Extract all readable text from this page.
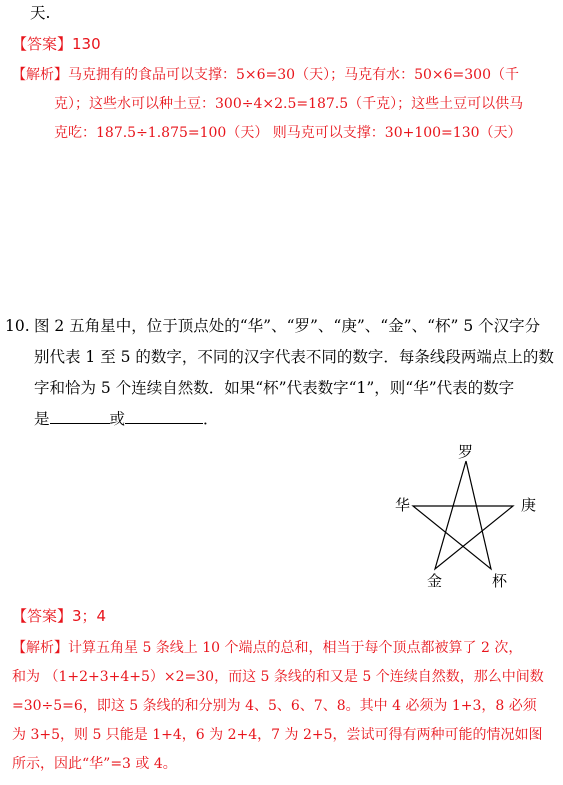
天.
【答案】130
【解析】马克拥有的食品可以支撑：5×6=30（天）；马克有水：50×6=300（千
克）；这些水可以种土豆：300÷4×2.5=187.5（千克）；这些土豆可以供马
克吃：187.5÷1.875=100（天） 则马克可以支撑：30+100=130（天）
10. 图 2 五角星中，位于顶点处的“华”、“罗”、“庚”、“金”、“杯” 5 个汉字分
别代表 1 至 5 的数字，不同的汉字代表不同的数字．每条线段两端点上的数
字和恰为 5 个连续自然数．如果“杯”代表数字“1”，则“华”代表的数字
是	或	．
罗
华	庚
金	杯
【答案】3；4
【解析】计算五角星 5 条线上 10 个端点的总和，相当于每个顶点都被算了 2 次，
和为 （1+2+3+4+5）×2=30，而这 5 条线的和又是 5 个连续自然数，那么中间数
=30÷5=6，即这 5 条线的和分别为 4、5、6、7、8。其中 4 必须为 1+3，8 必须
为 3+5，则 5 只能是 1+4，6 为 2+4，7 为 2+5，尝试可得有两种可能的情况如图
所示，因此“华”=3 或 4。
